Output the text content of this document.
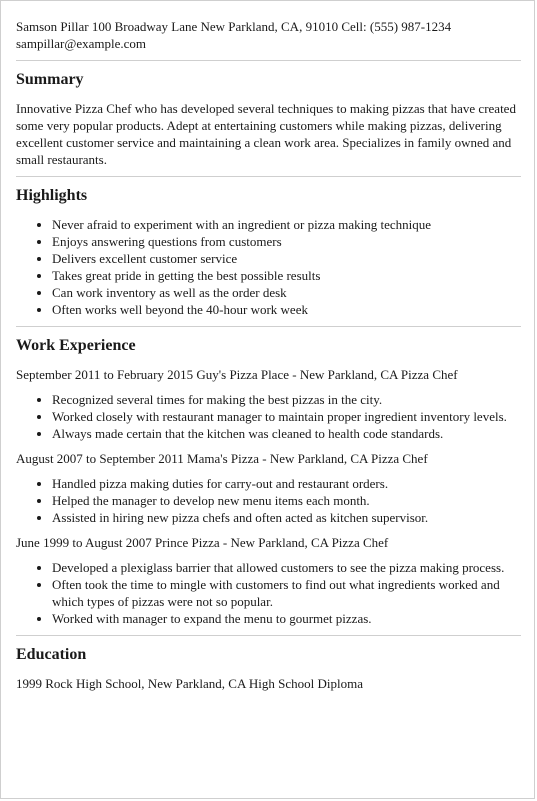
Samson Pillar 100 Broadway Lane New Parkland, CA, 91010 Cell: (555) 987-1234 sampillar@example.com

Summary

Innovative Pizza Chef who has developed several techniques to making pizzas that have created some very popular products. Adept at entertaining customers while making pizzas, delivering excellent customer service and maintaining a clean work area. Specializes in family owned and small restaurants.

Highlights
• Never afraid to experiment with an ingredient or pizza making technique
• Enjoys answering questions from customers
• Delivers excellent customer service
• Takes great pride in getting the best possible results
• Can work inventory as well as the order desk
• Often works well beyond the 40-hour work week
Work Experience

September 2011 to February 2015 Guy's Pizza Place - New Parkland, CA Pizza Chef

• Recognized several times for making the best pizzas in the city.
• Worked closely with restaurant manager to maintain proper ingredient inventory levels.
• Always made certain that the kitchen was cleaned to health code standards.

August 2007 to September 2011 Mama's Pizza - New Parkland, CA Pizza Chef

• Handled pizza making duties for carry-out and restaurant orders.
• Helped the manager to develop new menu items each month.
• Assisted in hiring new pizza chefs and often acted as kitchen supervisor.

June 1999 to August 2007 Prince Pizza - New Parkland, CA Pizza Chef

• Developed a plexiglass barrier that allowed customers to see the pizza making process.
• Often took the time to mingle with customers to find out what ingredients worked and which types of pizzas were not so popular.
• Worked with manager to expand the menu to gourmet pizzas.
Education

1999 Rock High School, New Parkland, CA High School Diploma
